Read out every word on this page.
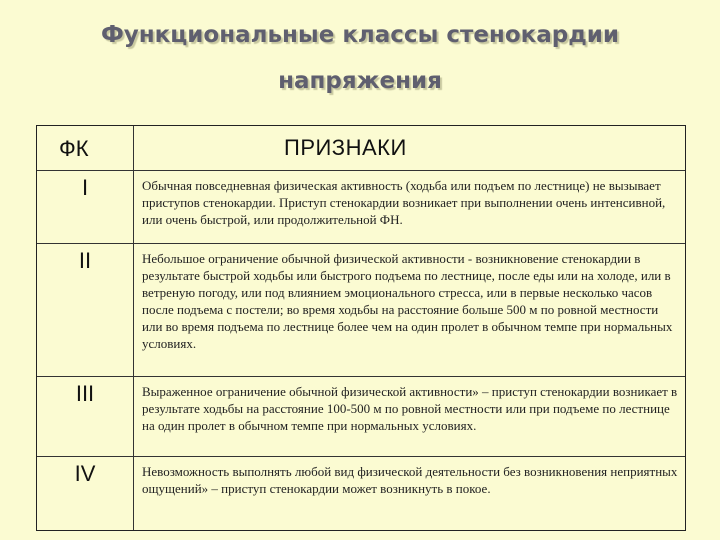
Функциональные классы стенокардии
напряжения
ФК	ПРИЗНАКИ
I	Обычная повседневная физическая активность (ходьба или подъем по лестнице) не вызывает приступов стенокардии. Приступ стенокардии возникает при выполнении очень интенсивной, или очень быстрой, или продолжительной ФН.
II	Небольшое ограничение обычной физической активности - возникновение стенокардии в результате быстрой ходьбы или быстрого подъема по лестнице, после еды или на холоде, или в ветреную погоду, или под влиянием эмоционального стресса, или в первые несколько часов после подъема с постели; во время ходьбы на расстояние больше 500 м по ровной местности или во время подъема по лестнице более чем на один пролет в обычном темпе при нормальных условиях.
III	Выраженное ограничение обычной физической активности» – приступ стенокардии возникает в результате ходьбы на расстояние 100-500 м по ровной местности или при подъеме по лестнице на один пролет в обычном темпе при нормальных условиях.
IV	Невозможность выполнять любой вид физической деятельности без возникновения неприятных ощущений» – приступ стенокардии может возникнуть в покое.
